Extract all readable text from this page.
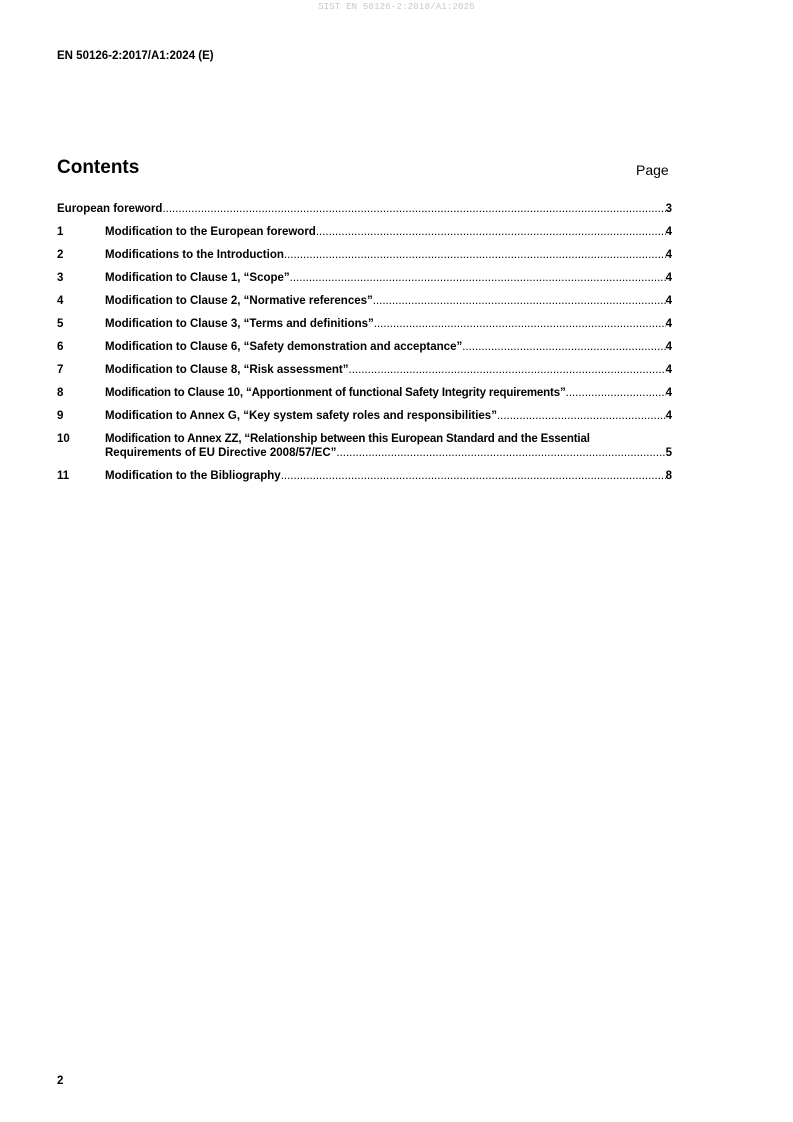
SIST EN 50126-2:2018/A1:2025
EN 50126-2:2017/A1:2024 (E)
Contents	Page
European foreword .....	3
1	Modification to the European foreword .....	4
2	Modifications to the Introduction .....	4
3	Modification to Clause 1, “Scope” .....	4
4	Modification to Clause 2, “Normative references” .....	4
5	Modification to Clause 3, “Terms and definitions” .....	4
6	Modification to Clause 6, “Safety demonstration and acceptance” .....	4
7	Modification to Clause 8, “Risk assessment” .....	4
8	Modification to Clause 10, “Apportionment of functional Safety Integrity requirements” .....	4
9	Modification to Annex G, “Key system safety roles and responsibilities” .....	4
10	Modification to Annex ZZ, “Relationship between this European Standard and the Essential
Requirements of EU Directive 2008/57/EC” .....	5
11	Modification to the Bibliography .....	8
2
